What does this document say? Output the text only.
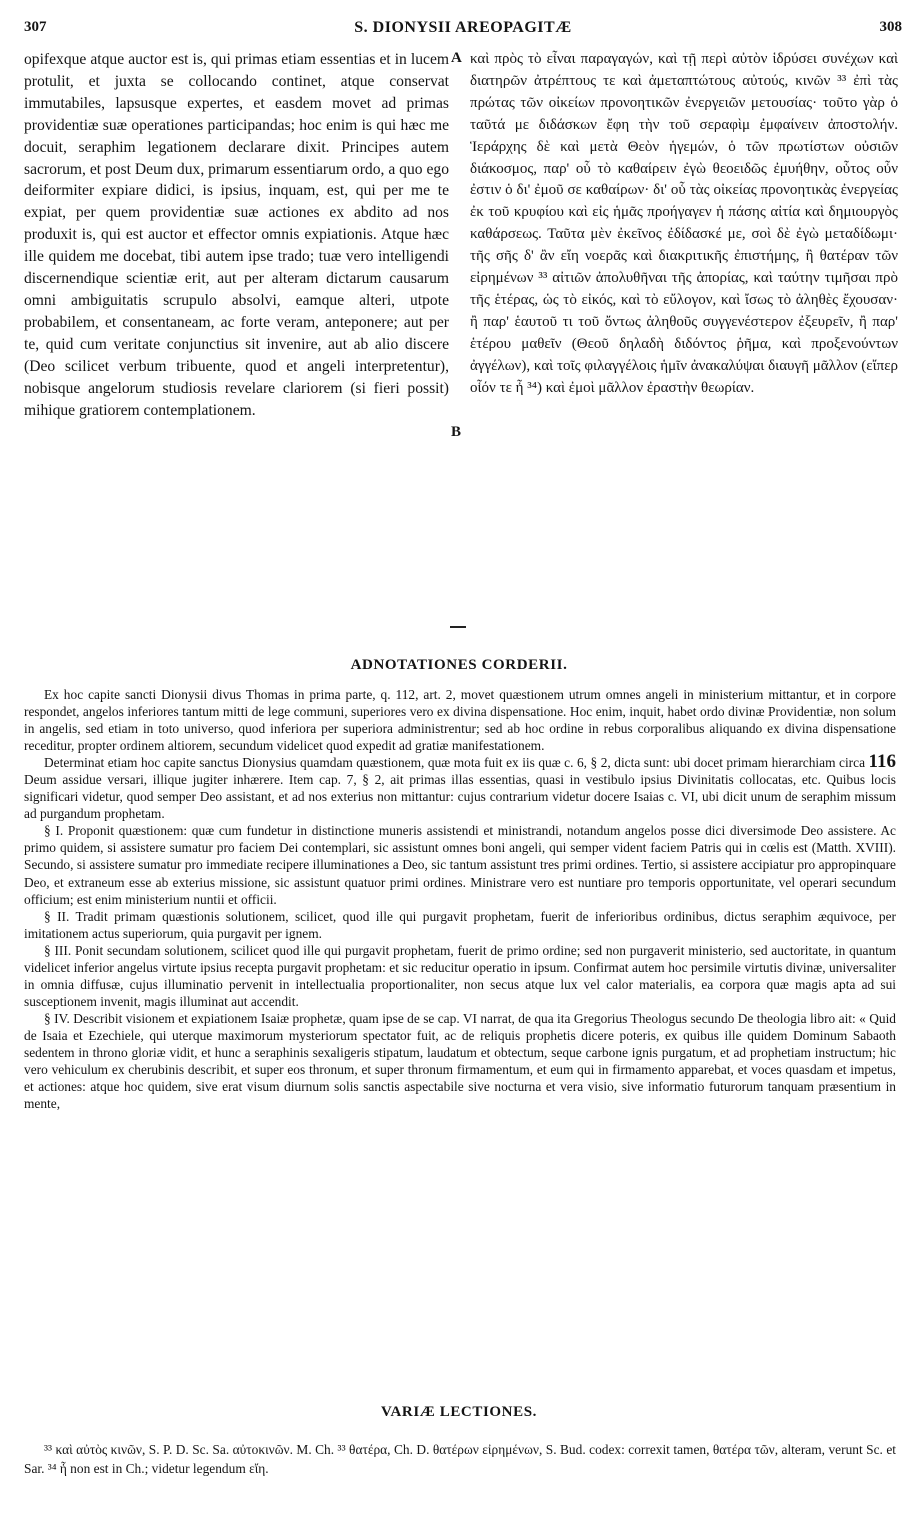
307	S. DIONYSII AREOPAGITÆ	308

opifexque atque auctor est is, qui primas etiam essentias et in lucem protulit, et juxta se collocando continet, atque conservat immutabiles, lapsusque expertes, et easdem movet ad primas providentiæ suæ operationes participandas; hoc enim is qui hæc me docuit, seraphim legationem declarare dixit. Principes autem sacrorum, et post Deum dux, primarum essentiarum ordo, a quo ego deiformiter expiare didici, is ipsius, inquam, est, qui per me te expiat, per quem providentiæ suæ actiones ex abdito ad nos produxit is, qui est auctor et effector omnis expiationis. Atque hæc ille quidem me docebat, tibi autem ipse trado; tuæ vero intelligendi discernendique scientiæ erit, aut per alteram dictarum causarum omni ambiguitatis scrupulo absolvi, eamque alteri, utpote probabilem, et consentaneam, ac forte veram, anteponere; aut per te, quid cum veritate conjunctius sit invenire, aut ab alio discere (Deo scilicet verbum tribuente, quod et angeli interpretentur), nobisque angelorum studiosis revelare clariorem (si fieri possit) mihique gratiorem contemplationem.

A
B

καὶ πρὸς τὸ εἶναι παραγαγών, καὶ τῇ περὶ αὐτὸν ἱδρύσει συνέχων καὶ διατηρῶν ἀτρέπτους τε καὶ ἀμεταπτώτους αὐτούς, κινῶν ³³ ἐπὶ τὰς πρώτας τῶν οἰκείων προνοητικῶν ἐνεργειῶν μετουσίας· τοῦτο γὰρ ὁ ταῦτά με διδάσκων ἔφη τὴν τοῦ σεραφὶμ ἐμφαίνειν ἀποστολήν. Ἱεράρχης δὲ καὶ μετὰ Θεὸν ἡγεμών, ὁ τῶν πρωτίστων οὐσιῶν διάκοσμος, παρ' οὗ τὸ καθαίρειν ἐγὼ θεοειδῶς ἐμυήθην, οὗτος οὖν ἐστιν ὁ δι' ἐμοῦ σε καθαίρων· δι' οὗ τὰς οἰκείας προνοητικὰς ἐνεργείας ἐκ τοῦ κρυφίου καὶ εἰς ἡμᾶς προήγαγεν ἡ πάσης αἰτία καὶ δημιουργὸς καθάρσεως. Ταῦτα μὲν ἐκεῖνος ἐδίδασκέ με, σοὶ δὲ ἐγὼ μεταδίδωμι· τῆς σῆς δ' ἂν εἴη νοερᾶς καὶ διακριτικῆς ἐπιστήμης, ἢ θατέραν τῶν εἰρημένων ³³ αἰτιῶν ἀπολυθῆναι τῆς ἀπορίας, καὶ ταύτην τιμῆσαι πρὸ τῆς ἑτέρας, ὡς τὸ εἰκός, καὶ τὸ εὔλογον, καὶ ἴσως τὸ ἀληθὲς ἔχουσαν· ἢ παρ' ἑαυτοῦ τι τοῦ ὄντως ἀληθοῦς συγγενέστερον ἐξευρεῖν, ἢ παρ' ἑτέρου μαθεῖν (Θεοῦ δηλαδὴ διδόντος ῥῆμα, καὶ προξενούντων ἀγγέλων), καὶ τοῖς φιλαγγέλοις ἡμῖν ἀνακαλύψαι διαυγῆ μᾶλλον (εἴπερ οἷόν τε ἦ ³⁴) καὶ ἐμοὶ μᾶλλον ἐραστὴν θεωρίαν.

ADNOTATIONES CORDERII.

Ex hoc capite sancti Dionysii divus Thomas in prima parte, q. 112, art. 2, movet quæstionem utrum omnes angeli in ministerium mittantur, et in corpore respondet, angelos inferiores tantum mitti de lege communi, superiores vero ex divina dispensatione. Hoc enim, inquit, habet ordo divinæ Providentiæ, non solum in angelis, sed etiam in toto universo, quod inferiora per superiora administrentur; sed ab hoc ordine in rebus corporalibus aliquando ex divina dispensatione receditur, propter ordinem altiorem, secundum videlicet quod expedit ad gratiæ manifestationem.

Determinat etiam hoc capite sanctus Dionysius quamdam quæstionem, quæ mota fuit ex iis quæ c. 6, § 2, dicta sunt: ubi docet primam hierarchiam circa 116 Deum assidue versari, illique jugiter inhærere. Item cap. 7, § 2, ait primas illas essentias, quasi in vestibulo ipsius Divinitatis collocatas, etc. Quibus locis significari videtur, quod semper Deo assistant, et ad nos exterius non mittantur: cujus contrarium videtur docere Isaias c. VI, ubi dicit unum de seraphim missum ad purgandum prophetam.

§ I. Proponit quæstionem: quæ cum fundetur in distinctione muneris assistendi et ministrandi, notandum angelos posse dici diversimode Deo assistere. Ac primo quidem, si assistere sumatur pro faciem Dei contemplari, sic assistunt omnes boni angeli, qui semper vident faciem Patris qui in cœlis est (Matth. XVIII). Secundo, si assistere sumatur pro immediate recipere illuminationes a Deo, sic tantum assistunt tres primi ordines. Tertio, si assistere accipiatur pro appropinquare Deo, et extraneum esse ab exterius missione, sic assistunt quatuor primi ordines. Ministrare vero est nuntiare pro temporis opportunitate, vel operari secundum officium; est enim ministerium nuntii et officii.

§ II. Tradit primam quæstionis solutionem, scilicet, quod ille qui purgavit prophetam, fuerit de inferioribus ordinibus, dictus seraphim æquivoce, per imitationem actus superiorum, quia purgavit per ignem.

§ III. Ponit secundam solutionem, scilicet quod ille qui purgavit prophetam, fuerit de primo ordine; sed non purgaverit ministerio, sed auctoritate, in quantum videlicet inferior angelus virtute ipsius recepta purgavit prophetam: et sic reducitur operatio in ipsum. Confirmat autem hoc persimile virtutis divinæ, universaliter in omnia diffusæ, cujus illuminatio pervenit in intellectualia proportionaliter, non secus atque lux vel calor materialis, ea corpora quæ magis apta ad sui susceptionem invenit, magis illuminat aut accendit.

§ IV. Describit visionem et expiationem Isaiæ prophetæ, quam ipse de se cap. VI narrat, de qua ita Gregorius Theologus secundo De theologia libro ait: « Quid de Isaia et Ezechiele, qui uterque maximorum mysteriorum spectator fuit, ac de reliquis prophetis dicere poteris, ex quibus ille quidem Dominum Sabaoth sedentem in throno gloriæ vidit, et hunc a seraphinis sexaligeris stipatum, laudatum et obtectum, seque carbone ignis purgatum, et ad prophetiam instructum; hic vero vehiculum ex cherubinis describit, et super eos thronum, et super thronum firmamentum, et eum qui in firmamento apparebat, et voces quasdam et impetus, et actiones: atque hoc quidem, sive erat visum diurnum solis sanctis aspectabile sive nocturna et vera visio, sive informatio futurorum tanquam præsentium in mente,

VARIÆ LECTIONES.

³³ καὶ αὐτὸς κινῶν, S. P. D. Sc. Sa. αὐτοκινῶν. M. Ch. ³³ θατέρα, Ch. D. θατέρων εἰρημένων, S. Bud. codex: correxit tamen, θατέρα τῶν, alteram, verunt Sc. et Sar. ³⁴ ἦ non est in Ch.; videtur legendum εἴη.
